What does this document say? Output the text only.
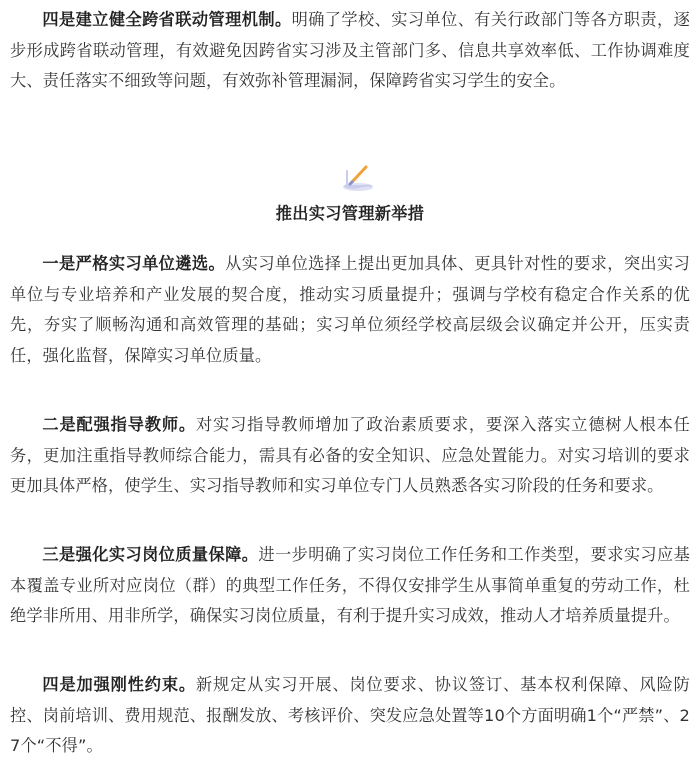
四是建立健全跨省联动管理机制。明确了学校、实习单位、有关行政部门等各方职责，逐步形成跨省联动管理，有效避免因跨省实习涉及主管部门多、信息共享效率低、工作协调难度大、责任落实不细致等问题，有效弥补管理漏洞，保障跨省实习学生的安全。

推出实习管理新举措

一是严格实习单位遴选。从实习单位选择上提出更加具体、更具针对性的要求，突出实习单位与专业培养和产业发展的契合度，推动实习质量提升；强调与学校有稳定合作关系的优先，夯实了顺畅沟通和高效管理的基础；实习单位须经学校高层级会议确定并公开，压实责任，强化监督，保障实习单位质量。

二是配强指导教师。对实习指导教师增加了政治素质要求，要深入落实立德树人根本任务，更加注重指导教师综合能力，需具有必备的安全知识、应急处置能力。对实习培训的要求更加具体严格，使学生、实习指导教师和实习单位专门人员熟悉各实习阶段的任务和要求。

三是强化实习岗位质量保障。进一步明确了实习岗位工作任务和工作类型，要求实习应基本覆盖专业所对应岗位（群）的典型工作任务，不得仅安排学生从事简单重复的劳动工作，杜绝学非所用、用非所学，确保实习岗位质量，有利于提升实习成效，推动人才培养质量提升。

四是加强刚性约束。新规定从实习开展、岗位要求、协议签订、基本权利保障、风险防控、岗前培训、费用规范、报酬发放、考核评价、突发应急处置等10个方面明确1个“严禁”、27个“不得”。
